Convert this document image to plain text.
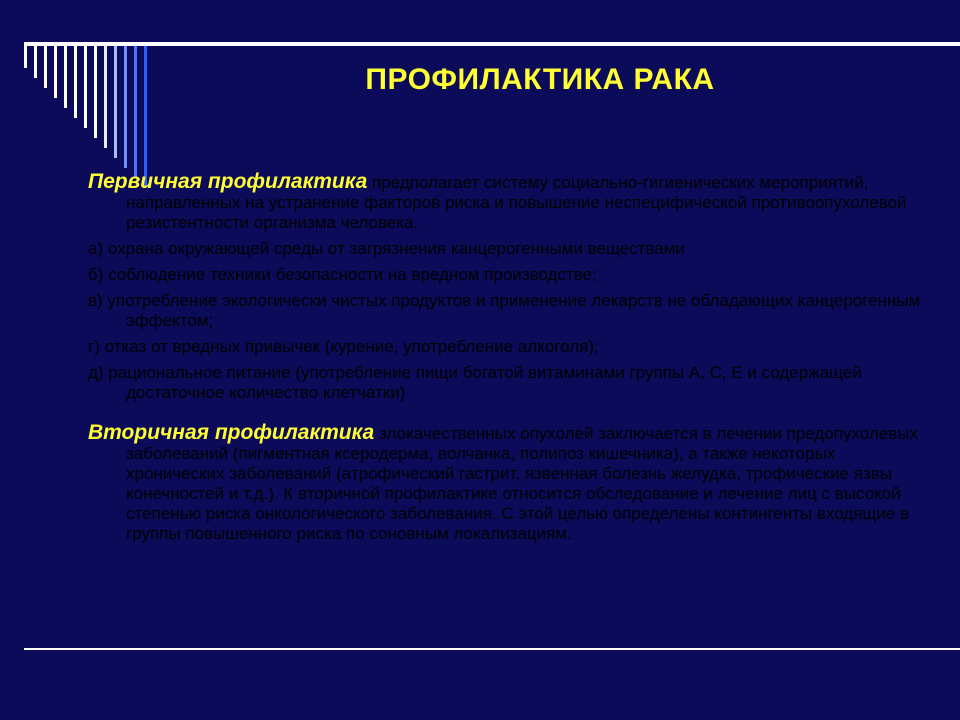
ПРОФИЛАКТИКА РАКА

Первичная профилактика предполагает систему социально-гигиенических мероприятий, направленных на устранение факторов риска и повышение неспецифической противоопухолевой резистентности организма человека.

а) охрана окружающей среды от загрязнения канцерогенными веществами

б) соблюдение техники безопасности на вредном производстве;

в) употребление экологически чистых продуктов и применение лекарств не обладающих канцерогенным эффектом;

г) отказ от вредных привычек (курение, употребление алкоголя);

д) рациональное питание (употребление пищи богатой витаминами группы А, С, Е и содержащей достаточное количество клетчатки)

Вторичная профилактика злокачественных опухолей заключается в лечении предопухолевых заболеваний (пигментная ксеродерма, волчанка, полипоз кишечника), а также некоторых хронических заболеваний (атрофический гастрит, язвенная болезнь желудка, трофические язвы конечностей и т.д.). К вторичной профилактике относится обследование и лечение лиц с высокой степенью риска онкологического заболевания. С этой целью определены контингенты входящие в группы повышенного риска по соновным локализациям.
